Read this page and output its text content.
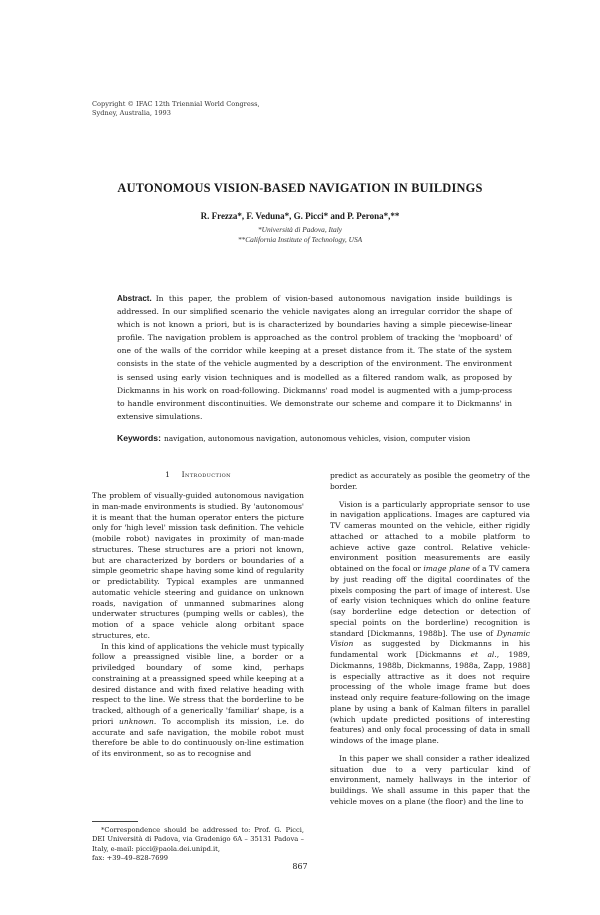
Copyright © IFAC 12th Triennial World Congress,
Sydney, Australia, 1993
AUTONOMOUS VISION-BASED NAVIGATION IN BUILDINGS
R. Frezza*, F. Veduna*, G. Picci* and P. Perona*,**
*Università di Padova, Italy
**California Institute of Technology, USA
Abstract. In this paper, the problem of vision-based autonomous navigation inside buildings is addressed. In our simplified scenario the vehicle navigates along an irregular corridor the shape of which is not known a priori, but is is characterized by boundaries having a simple piecewise-linear profile. The navigation problem is approached as the control problem of tracking the 'mopboard' of one of the walls of the corridor while keeping at a preset distance from it. The state of the system consists in the state of the vehicle augmented by a description of the environment. The environment is sensed using early vision techniques and is modelled as a filtered random walk, as proposed by Dickmanns in his work on road-following. Dickmanns' road model is augmented with a jump-process to handle environment discontinuities. We demonstrate our scheme and compare it to Dickmanns' in extensive simulations.
Keywords: navigation, autonomous navigation, autonomous vehicles, vision, computer vision
1 Introduction

The problem of visually-guided autonomous navigation in man-made environments is studied. By 'autonomous' it is meant that the human operator enters the picture only for 'high level' mission task definition. The vehicle (mobile robot) navigates in proximity of man-made structures. These structures are a priori not known, but are characterized by borders or boundaries of a simple geometric shape having some kind of regularity or predictability. Typical examples are unmanned automatic vehicle steering and guidance on unknown roads, navigation of unmanned submarines along underwater structures (pumping wells or cables), the motion of a space vehicle along orbitant space structures, etc.

In this kind of applications the vehicle must typically follow a preassigned visible line, a border or a priviledged boundary of some kind, perhaps constraining at a preassigned speed while keeping at a desired distance and with fixed relative heading with respect to the line. We stress that the borderline to be tracked, although of a generically 'familiar' shape, is a priori unknown. To accomplish its mission, i.e. do accurate and safe navigation, the mobile robot must therefore be able to do continuously on-line estimation of its environment, so as to recognise and

predict as accurately as posible the geometry of the border.

Vision is a particularly appropriate sensor to use in navigation applications. Images are captured via TV cameras mounted on the vehicle, either rigidly attached or attached to a mobile platform to achieve active gaze control. Relative vehicle-environment position measurements are easily obtained on the focal or image plane of a TV camera by just reading off the digital coordinates of the pixels composing the part of image of interest. Use of early vision techniques which do online feature (say borderline edge detection or detection of special points on the borderline) recognition is standard [Dickmanns, 1988b]. The use of Dynamic Vision as suggested by Dickmanns in his fundamental work [Dickmanns et al., 1989, Dickmanns, 1988b, Dickmanns, 1988a, Zapp, 1988] is especially attractive as it does not require processing of the whole image frame but does instead only require feature-following on the image plane by using a bank of Kalman filters in parallel (which update predicted positions of interesting features) and only focal processing of data in small windows of the image plane.

In this paper we shall consider a rather idealized situation due to a very particular kind of environment, namely hallways in the interior of buildings. We shall assume in this paper that the vehicle moves on a plane (the floor) and the line to

*Correspondence should be addressed to: Prof. G. Picci, DEI Università di Padova, via Gradenigo 6A – 35131 Padova – Italy, e-mail: picci@paola.dei.unipd.it,

fax: +39–49–828-7699

867
